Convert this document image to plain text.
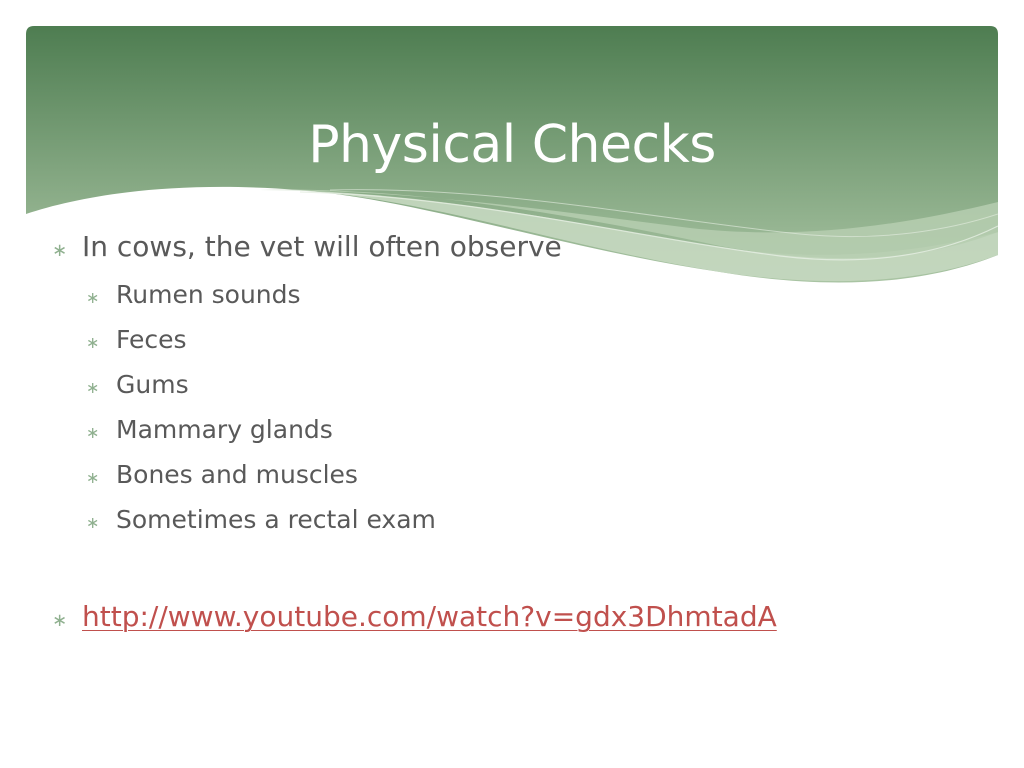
Physical Checks
∗ In cows, the vet will often observe
∗ Rumen sounds
∗ Feces
∗ Gums
∗ Mammary glands
∗ Bones and muscles
∗ Sometimes a rectal exam
∗ http://www.youtube.com/watch?v=gdx3DhmtadA
